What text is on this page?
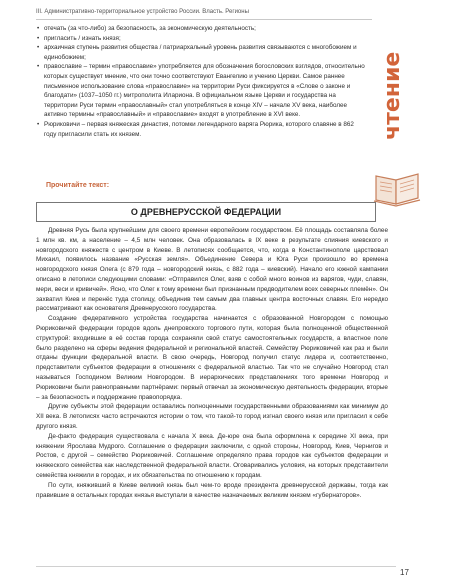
III. Административно-территориальное устройство России. Власть. Регионы
чтение

• отечать (за что-либо) за безопасность, за экономическую деятельность;

• пригласить / изнать князя;

• архаичная ступень развития общества / патриархальный уровень развития связываются с многобожием и единобожием;

• православие – термин «православие» употребляется для обозначения богословских взглядов, относительно которых существует мнение, что они точно соответствуют Евангелию и учению Церкви. Самое раннее письменное использование слова «православие» на территории Руси фиксируется в «Слове о законе и благодати» (1037–1050 гг.) митрополита Илариона. В официальном языке Церкви и государства на территории Руси термин «православный» стал употребляться в конце XIV – начале XV века, наиболее активно термины «православный» и «православие» входят в употребление в XVI веке.

• Рюриковичи – первая княжеская династия, потомки легендарного варяга Рюрика, которого славяне в 862 году пригласили стать их князем.

Прочитайте текст:
О ДРЕВНЕРУССКОЙ ФЕДЕРАЦИИ

Древняя Русь была крупнейшим для своего времени европейским государством. Её площадь составляла более 1 млн кв. км, а население – 4,5 млн человек. Она образовалась в IX веке в результате слияния киевского и новгородского княжеств с центром в Киеве. В летописях сообщается, что, когда в Константинополе царствовал Михаил, появилось название «Русская земля». Объединение Севера и Юга Руси произошло во времена новгородского князя Олега (с 879 года – новгородский князь, с 882 года – киевский). Начало его южной кампании описано в летописи следующими словами: «Отправился Олег, взяв с собой много воинов из варягов, чуди, славян, мери, веси и кривичей». Ясно, что Олег к тому времени был признанным предводителем всех северных племён». Он захватил Киев и перенёс туда столицу, объединив тем самым два главных центра восточных славян. Его нередко рассматривают как основателя Древнерусского государства.

Создание федеративного устройства государства начинается с образованной Новгородом с помощью Рюриковичей федерации городов вдоль днепровского торгового пути, которая была полноценной общественной структурой: входившие в её состав города сохраняли свой статус самостоятельных государств, а властное поле было разделено на сферы ведения федеральной и региональной властей. Семейству Рюриковичей как раз и были отданы функции федеральной власти. В свою очередь, Новгород получил статус лидера и, соответственно, представители субъектов федерации в отношениях с федеральной властью. Так что не случайно Новгород стал называться Господином Великим Новгородом. В иерархических представлениях того времени Новгород и Рюриковичи были равноправными партнёрами: первый отвечал за экономическую деятельность федерации, вторые – за безопасность и поддержание правопорядка.

Другие субъекты этой федерации оставались полноценными государственными образованиями как минимум до XII века. В летописях часто встречаются истории о том, что такой-то город изгнал своего князя или пригласил к себе другого князя.

Де-факто федерация существовала с начала X века. Де-юре она была оформлена к середине XI века, при княжении Ярослава Мудрого. Соглашение о федерации заключили, с одной стороны, Новгород, Киев, Чернигов и Ростов, с другой – семейство Рюриковичей. Соглашение определяло права городов как субъектов федерации и княжеского семейства как наследственной федеральной власти. Оговаривались условия, на которых представители семейства княжили в городах, и их обязательства по отношению к городам.

По сути, княживший в Киеве великий князь был чем-то вроде президента древнерусской державы, тогда как правившие в остальных городах князья выступали в качестве назначаемых великим князем «губернаторов».

17
